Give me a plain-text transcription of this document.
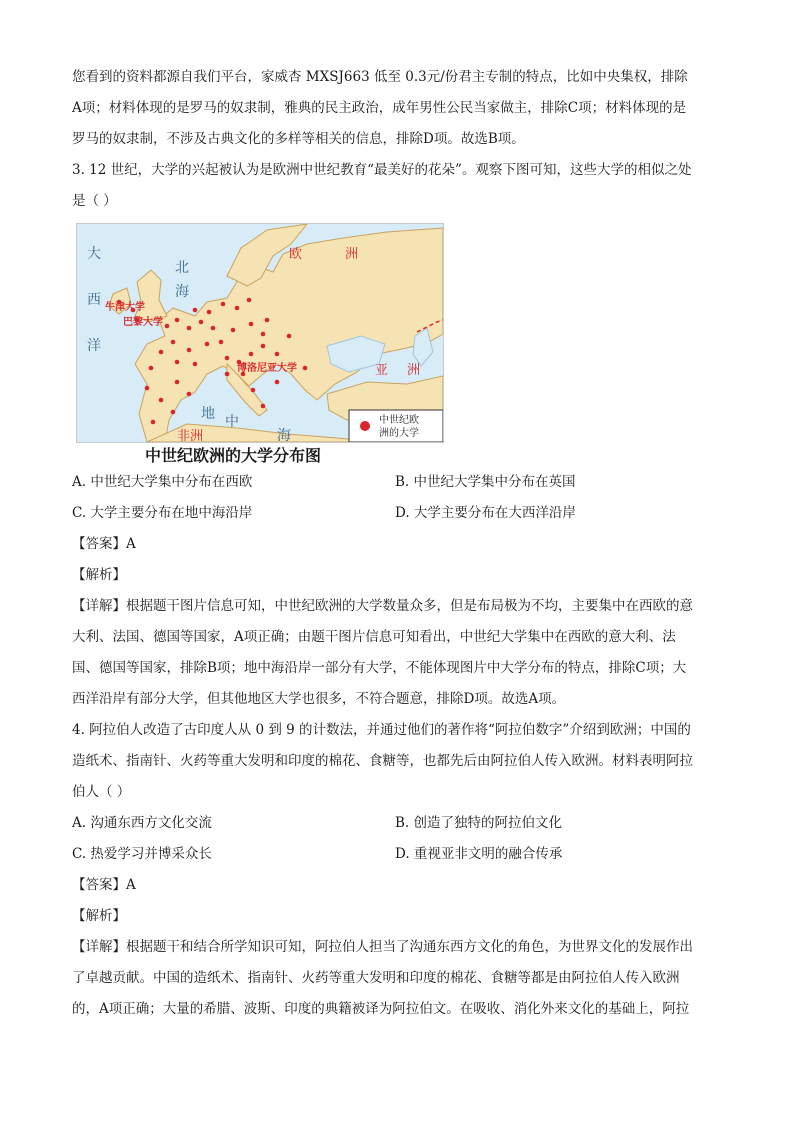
您看到的资料都源自我们平台，家威杏 MXSJ663 低至 0.3元/份君主专制的特点，比如中央集权，排除

A项；材料体现的是罗马的奴隶制，雅典的民主政治，成年男性公民当家做主，排除C项；材料体现的是

罗马的奴隶制，不涉及古典文化的多样等相关的信息，排除D项。故选B项。

3. 12 世纪，大学的兴起被认为是欧洲中世纪教育“最美好的花朵”。观察下图可知，这些大学的相似之处

是（ ）

大
西
洋
北
海
地 中
海
欧	洲
亚 洲
非洲
牛津大学
巴黎大学
博洛尼亚大学
中世纪欧
洲的大学
中世纪欧洲的大学分布图
A. 中世纪大学集中分布在西欧	B. 中世纪大学集中分布在英国
C. 大学主要分布在地中海沿岸	D. 大学主要分布在大西洋沿岸

【答案】A

【解析】

【详解】根据题干图片信息可知，中世纪欧洲的大学数量众多，但是布局极为不均，主要集中在西欧的意

大利、法国、德国等国家，A项正确；由题干图片信息可知看出，中世纪大学集中在西欧的意大利、法

国、德国等国家，排除B项；地中海沿岸一部分有大学，不能体现图片中大学分布的特点，排除C项；大

西洋沿岸有部分大学，但其他地区大学也很多，不符合题意，排除D项。故选A项。

4. 阿拉伯人改造了古印度人从 0 到 9 的计数法，并通过他们的著作将“阿拉伯数字”介绍到欧洲；中国的

造纸术、指南针、火药等重大发明和印度的棉花、食糖等，也都先后由阿拉伯人传入欧洲。材料表明阿拉

伯人（ ）

A. 沟通东西方文化交流	B. 创造了独特的阿拉伯文化
C. 热爱学习并博采众长	D. 重视亚非文明的融合传承

【答案】A

【解析】

【详解】根据题干和结合所学知识可知，阿拉伯人担当了沟通东西方文化的角色，为世界文化的发展作出

了卓越贡献。中国的造纸术、指南针、火药等重大发明和印度的棉花、食糖等都是由阿拉伯人传入欧洲

的，A项正确；大量的希腊、波斯、印度的典籍被译为阿拉伯文。在吸收、消化外来文化的基础上，阿拉
